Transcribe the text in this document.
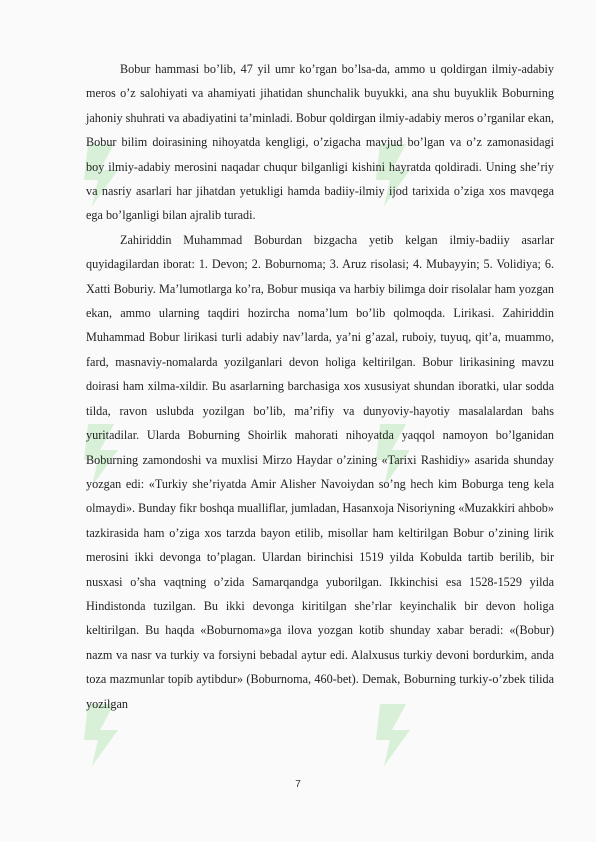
Bobur hammasi bo’lib, 47 yil umr ko’rgan bo’lsa-da, ammo u qoldirgan ilmiy-adabiy meros o’z salohiyati va ahamiyati jihatidan shunchalik buyukki, ana shu buyuklik Boburning jahoniy shuhrati va abadiyatini ta’minladi. Bobur qoldirgan ilmiy-adabiy meros o’rganilar ekan, Bobur bilim doirasining nihoyatda kengligi, o’zigacha mavjud bo’lgan va o’z zamonasidagi boy ilmiy-adabiy merosini naqadar chuqur bilganligi kishini hayratda qoldiradi. Uning she’riy va nasriy asarlari har jihatdan yetukligi hamda badiiy-ilmiy ijod tarixida o’ziga xos mavqega ega bo’lganligi bilan ajralib turadi.

Zahiriddin Muhammad Boburdan bizgacha yetib kelgan ilmiy-badiiy asarlar quyidagilardan iborat: 1. Devon; 2. Boburnoma; 3. Aruz risolasi; 4. Mubayyin; 5. Volidiya; 6. Xatti Boburiy. Ma’lumotlarga ko’ra, Bobur musiqa va harbiy bilimga doir risolalar ham yozgan ekan, ammo ularning taqdiri hozircha noma’lum bo’lib qolmoqda. Lirikasi. Zahiriddin Muhammad Bobur lirikasi turli adabiy nav’larda, ya’ni g’azal, ruboiy, tuyuq, qit’a, muammo, fard, masnaviy-nomalarda yozilganlari devon holiga keltirilgan. Bobur lirikasining mavzu doirasi ham xilma-xildir. Bu asarlarning barchasiga xos xususiyat shundan iboratki, ular sodda tilda, ravon uslubda yozilgan bo’lib, ma’rifiy va dunyoviy-hayotiy masalalardan bahs yuritadilar. Ularda Boburning Shoirlik mahorati nihoyatda yaqqol namoyon bo’lganidan Boburning zamondoshi va muxlisi Mirzo Haydar o’zining «Tarixi Rashidiy» asarida shunday yozgan edi: «Turkiy she’riyatda Amir Alisher Navoiydan so’ng hech kim Boburga teng kela olmaydi». Bunday fikr boshqa mualliflar, jumladan, Hasanxoja Nisoriyning «Muzakkiri ahbob» tazkirasida ham o’ziga xos tarzda bayon etilib, misollar ham keltirilgan Bobur o’zining lirik merosini ikki devonga to’plagan. Ulardan birinchisi 1519 yilda Kobulda tartib berilib, bir nusxasi o’sha vaqtning o’zida Samarqandga yuborilgan. Ikkinchisi esa 1528-1529 yilda Hindistonda tuzilgan. Bu ikki devonga kiritilgan she’rlar keyinchalik bir devon holiga keltirilgan. Bu haqda «Boburnoma»ga ilova yozgan kotib shunday xabar beradi: «(Bobur) nazm va nasr va turkiy va forsiyni bebadal aytur edi. Alalxusus turkiy devoni bordurkim, anda toza mazmunlar topib aytibdur» (Boburnoma, 460-bet). Demak, Boburning turkiy-o’zbek tilida yozilgan

7
